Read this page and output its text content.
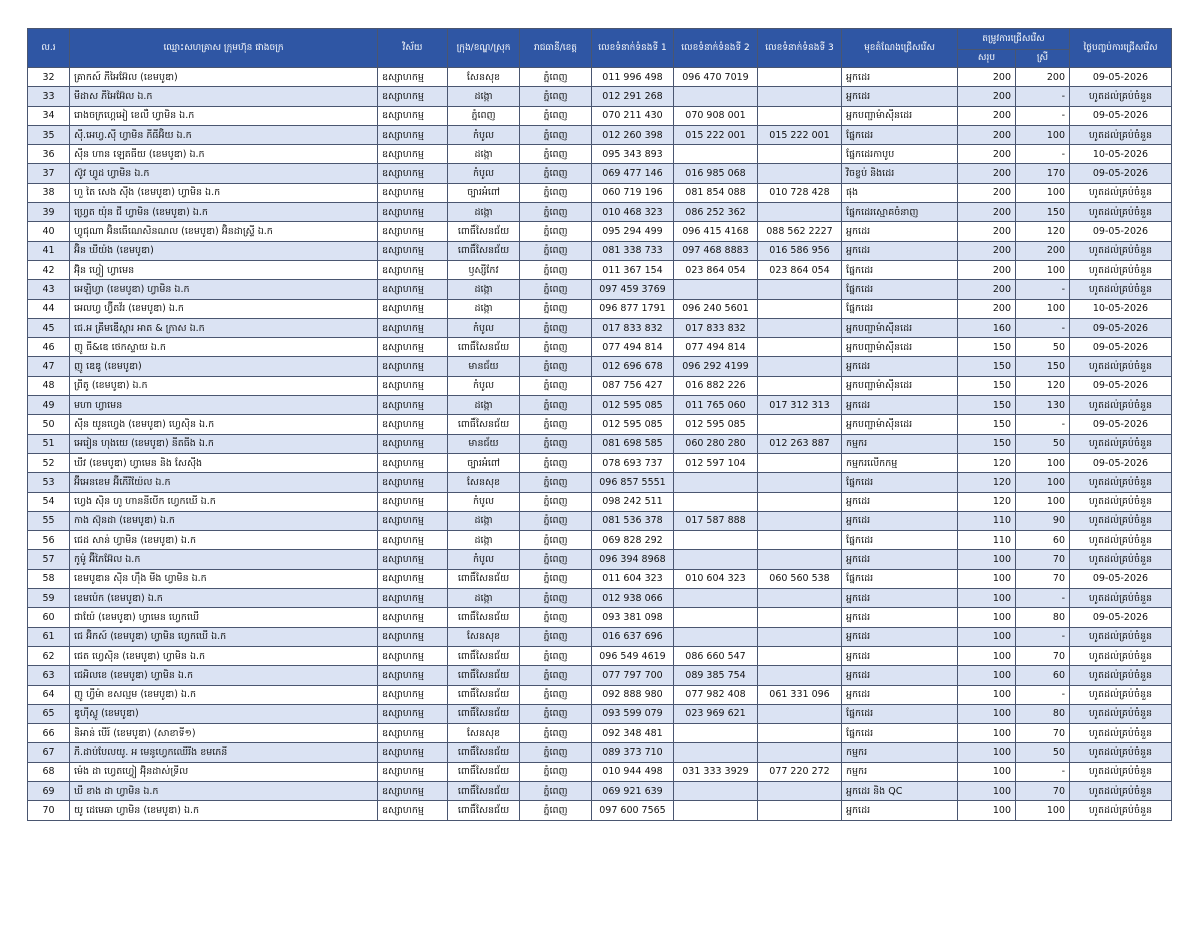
ល.រ	ឈ្មោះសហគ្រាស ក្រុមហ៊ុន ផាងចក្រ	វិស័យ	ក្រុង/ខណ្ឌ/ស្រុក	រាជធានី/ខេត្ត	លេខទំនាក់ទំនងទី 1	លេខទំនាក់ទំនងទី 2	លេខទំនាក់ទំនងទី 3	មុខតំណែងជ្រើសរើស	តម្រូវការជ្រើសរើស		ថ្ងៃបញ្ចប់ការជ្រើសរើស
									សរុប	ស្រី	
32	គ្រាកស៍ ភីអៃអ៊ែល (ខេមបូឌា)	ឧស្សាហកម្ម	សែនសុខ	ភ្នំពេញ	011 996 498	096 470 7019		អ្នកដេរ	200	200	09-05-2026
33	មីដាស ភីអៃអ៊ែល ឯ.ក	ឧស្សាហកម្ម	ដង្កោ	ភ្នំពេញ	012 291 268			អ្នកដេរ	200	-	ហូតដល់គ្រប់ចំនួន
34	រោងចក្រហ្គេអៀ ខេលឺ ហ្វាមិន ឯ.ក	ឧស្សាហកម្ម	ភ្នំពេញ	ភ្នំពេញ	070 211 430	070 908 001		អ្នកបញ្ជាម៉ាស៊ីនដេរ	200	-	09-05-2026
35	ស៊ី.អេហ្វ.ស៊ី ហ្វាមិន ភីធីអ៊ិយ ឯ.ក	ឧស្សាហកម្ម	កំបូល	ភ្នំពេញ	012 260 398	015 222 001	015 222 001	ផ្នែកដេរ	200	100	ហូតដល់គ្រប់ចំនួន
36	ស៊ីន ហាន ឡេតធីយ (ខេមបូឌា) ឯ.ក	ឧស្សាហកម្ម	ដង្កោ	ភ្នំពេញ	095 343 893			ផ្នែកដេរកាបូប	200	-	10-05-2026
37	ស៊ូវ ហ្វូដ ហ្វាមិន ឯ.ក	ឧស្សាហកម្ម	កំបូល	ភ្នំពេញ	069 477 146	016 985 068		វិចខ្ចប់ និងដេរ	200	170	09-05-2026
38	ហួ តៃ សេង ស៊ីង (ខេមបូឌា) ហ្វាមិន ឯ.ក	ឧស្សាហកម្ម	ច្បារអំពៅ	ភ្នំពេញ	060 719 196	081 854 088	010 728 428	ផុង	200	100	ហូតដល់គ្រប់ចំនួន
39	ហ្វ្រេត យ៉ុន ជី ហ្វាមិន (ខេមបូឌា) ឯ.ក	ឧស្សាហកម្ម	ដង្កោ	ភ្នំពេញ	010 468 323	086 252 362		ផ្នែកដេរស្មោគចំនាញ	200	150	ហូតដល់គ្រប់ចំនួន
40	ហ្វូជុណា អ៊ិនធើណេសិនណល (ខេមបូឌា) អ៊ិនដាស្ទ្រី ឯ.ក	ឧស្សាហកម្ម	ពោធិ៍សែនជ័យ	ភ្នំពេញ	095 294 499	096 415 4168	088 562 2227	អ្នកដេរ	200	120	09-05-2026
41	អ៊ិន ឃីយ៉ង (ខេមបូឌា)	ឧស្សាហកម្ម	ពោធិ៍សែនជ័យ	ភ្នំពេញ	081 338 733	097 468 8883	016 586 956	អ្នកដេរ	200	200	ហូតដល់គ្រប់ចំនួន
42	អ៊ុិន ហ្វៀ ហ្វាមេន	ឧស្សាហកម្ម	ឫស្សីកែវ	ភ្នំពេញ	011 367 154	023 864 054	023 864 054	ផ្នែកដេរ	200	100	ហូតដល់គ្រប់ចំនួន
43	អេឡិហ្វា (ខេមបូឌា) ហ្វាមិន ឯ.ក	ឧស្សាហកម្ម	ដង្កោ	ភ្នំពេញ	097 459 3769			ផ្នែកដេរ	200	-	ហូតដល់គ្រប់ចំនួន
44	អេលហ្វ ហ្វ៊ីតវ័រ (ខេមបូឌា) ឯ.ក	ឧស្សាហកម្ម	ដង្កោ	ភ្នំពេញ	096 877 1791	096 240 5601		ផ្នែកដេរ	200	100	10-05-2026
45	ជេ.អ គ្រីមឌើស្ដារ អាត & ក្រាស ឯ.ក	ឧស្សាហកម្ម	កំបូល	ភ្នំពេញ	017 833 832	017 833 832		អ្នកបញ្ជាម៉ាស៊ីនដេរ	160	-	09-05-2026
46	ញូ ធី&ឌេ ថេកស្ទាយ ឯ.ក	ឧស្សាហកម្ម	ពោធិ៍សែនជ័យ	ភ្នំពេញ	077 494 814	077 494 814		អ្នកបញ្ជាម៉ាស៊ីនដេរ	150	50	09-05-2026
47	ញូ ឌេឌូ (ខេមបូឌា)	ឧស្សាហកម្ម	មានជ័យ	ភ្នំពេញ	012 696 678	096 292 4199		អ្នកដេរ	150	150	ហូតដល់គ្រប់ចំនួន
48	ព្រីតូ (ខេមបូឌា) ឯ.ក	ឧស្សាហកម្ម	កំបូល	ភ្នំពេញ	087 756 427	016 882 226		អ្នកបញ្ជាម៉ាស៊ីនដេរ	150	120	09-05-2026
49	មហា ហ្វាមេន	ឧស្សាហកម្ម	ដង្កោ	ភ្នំពេញ	012 595 085	011 765 060	017 312 313	អ្នកដេរ	150	130	ហូតដល់គ្រប់ចំនួន
50	ស៊ីន យូនហ្វេង (ខេមបូឌា) ហ្វេស៊ិន ឯ.ក	ឧស្សាហកម្ម	ពោធិ៍សែនជ័យ	ភ្នំពេញ	012 595 085	012 595 085		អ្នកបញ្ជាម៉ាស៊ីនដេរ	150	-	09-05-2026
51	អេរៀន ហុងយេ (ខេមបូឌា) នីតធីង ឯ.ក	ឧស្សាហកម្ម	មានជ័យ	ភ្នំពេញ	081 698 585	060 280 280	012 263 887	កម្មករ	150	50	ហូតដល់គ្រប់ចំនួន
52	ឃីវ (ខេមបូឌា) ហ្វាមេន និង សែស៊ីង	ឧស្សាហកម្ម	ច្បារអំពៅ	ភ្នំពេញ	078 693 737	012 597 104		កម្មករលើកកម្ម	120	100	09-05-2026
53	អ៊ីអេនខេម អ៊ីភើរីយ៉ែល ឯ.ក	ឧស្សាហកម្ម	សែនសុខ	ភ្នំពេញ	096 857 5551			ផ្នែកដេរ	120	100	ហូតដល់គ្រប់ចំនួន
54	ហ្វេង ស៊ិន ហូ ហាននីបើក ហ្វេកឃើ ឯ.ក	ឧស្សាហកម្ម	កំបូល	ភ្នំពេញ	098 242 511			អ្នកដេរ	120	100	ហូតដល់គ្រប់ចំនួន
55	កាង ស៊ុនដា (ខេមបូឌា) ឯ.ក	ឧស្សាហកម្ម	ដង្កោ	ភ្នំពេញ	081 536 378	017 587 888		អ្នកដេរ	110	90	ហូតដល់គ្រប់ចំនួន
56	ជេដ សាន់ ហ្វាមិន (ខេមបូឌា) ឯ.ក	ឧស្សាហកម្ម	ដង្កោ	ភ្នំពេញ	069 828 292			ផ្នែកដេរ	110	60	ហូតដល់គ្រប់ចំនួន
57	កូម៉ូ អ៊ីភៃអ៊ែល ឯ.ក	ឧស្សាហកម្ម	កំបូល	ភ្នំពេញ	096 394 8968			អ្នកដេរ	100	70	ហូតដល់គ្រប់ចំនួន
58	ខេមបូឌាន ស៊ិន ហ៊ឹង មីង ហ្វាមិន ឯ.ក	ឧស្សាហកម្ម	ពោធិ៍សែនជ័យ	ភ្នំពេញ	011 604 323	010 604 323	060 560 538	ផ្នែកដេរ	100	70	09-05-2026
59	ខេមប៉េក (ខេមបូឌា) ឯ.ក	ឧស្សាហកម្ម	ដង្កោ	ភ្នំពេញ	012 938 066			អ្នកដេរ	100	-	ហូតដល់គ្រប់ចំនួន
60	ជាយ៉ែ (ខេមបូឌា) ហ្វាមេន ហ្វេកឃើ	ឧស្សាហកម្ម	ពោធិ៍សែនជ័យ	ភ្នំពេញ	093 381 098			អ្នកដេរ	100	80	09-05-2026
61	ជេ អ៊ិកស៍ (ខេមបូឌា) ហ្វាមិន ហ្វេកឃើ ឯ.ក	ឧស្សាហកម្ម	សែនសុខ	ភ្នំពេញ	016 637 696			អ្នកដេរ	100	-	ហូតដល់គ្រប់ចំនួន
62	ជេត ហ្វេស៊ិន (ខេមបូឌា) ហ្វាមិន ឯ.ក	ឧស្សាហកម្ម	ពោធិ៍សែនជ័យ	ភ្នំពេញ	096 549 4619	086 660 547		អ្នកដេរ	100	70	ហូតដល់គ្រប់ចំនួន
63	ជេអិលខេ (ខេមបូឌា) ហ្វាមិន ឯ.ក	ឧស្សាហកម្ម	ពោធិ៍សែនជ័យ	ភ្នំពេញ	077 797 700	089 385 754		អ្នកដេរ	100	60	ហូតដល់គ្រប់ចំនួន
64	ញូ ហ្វីម៉ា ខសល្មម (ខេមបូឌា) ឯ.ក	ឧស្សាហកម្ម	ពោធិ៍សែនជ័យ	ភ្នំពេញ	092 888 980	077 982 408	061 331 096	អ្នកដេរ	100	-	ហូតដល់គ្រប់ចំនួន
65	ឌូហ៊ីស្លូ (ខេមបូឌា)	ឧស្សាហកម្ម	ពោធិ៍សែនជ័យ	ភ្នំពេញ	093 599 079	023 969 621		ផ្នែកដេរ	100	80	ហូតដល់គ្រប់ចំនួន
66	និអាន់ បើរ៍ (ខេមបូឌា) (សាខាទី១)	ឧស្សាហកម្ម	សែនសុខ	ភ្នំពេញ	092 348 481			ផ្នែកដេរ	100	70	ហូតដល់គ្រប់ចំនួន
67	ភី.ដាប់បែលយូ. អ មេនូហ្វេកឈើរីង ខមភេនី	ឧស្សាហកម្ម	ពោធិ៍សែនជ័យ	ភ្នំពេញ	089 373 710			កម្មករ	100	50	ហូតដល់គ្រប់ចំនួន
68	ម៉េង ដា ហ្វេតហ្វៀ អ៊ុិនដាស់ទ្រីល	ឧស្សាហកម្ម	ពោធិ៍សែនជ័យ	ភ្នំពេញ	010 944 498	031 333 3929	077 220 272	កម្មករ	100	-	ហូតដល់គ្រប់ចំនួន
69	ឃី ខាង ដា ហ្វាមិន ឯ.ក	ឧស្សាហកម្ម	ពោធិ៍សែនជ័យ	ភ្នំពេញ	069 921 639			អ្នកដេរ និង QC	100	70	ហូតដល់គ្រប់ចំនួន
70	យូ ដេមេឆា ហ្វាមិន (ខេមបូឌា) ឯ.ក	ឧស្សាហកម្ម	ពោធិ៍សែនជ័យ	ភ្នំពេញ	097 600 7565			អ្នកដេរ	100	100	ហូតដល់គ្រប់ចំនួន
